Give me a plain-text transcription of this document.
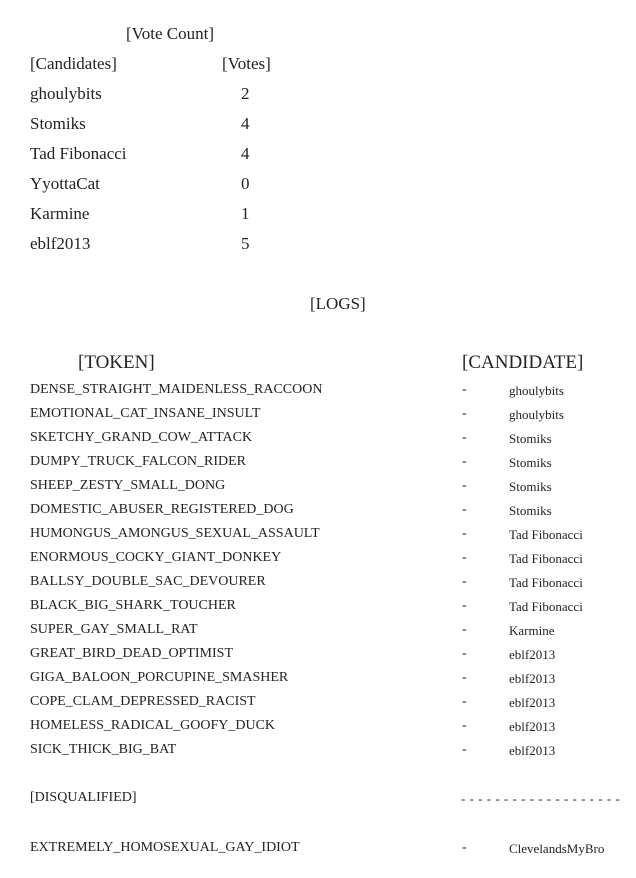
[Vote Count]
[Candidates]	[Votes]
ghoulybits	2
Stomiks	4
Tad Fibonacci	4
YyottaCat	0
Karmine	1
eblf2013	5
[LOGS]
[TOKEN]	[CANDIDATE]
DENSE_STRAIGHT_MAIDENLESS_RACCOON	-	ghoulybits
EMOTIONAL_CAT_INSANE_INSULT	-	ghoulybits
SKETCHY_GRAND_COW_ATTACK	-	Stomiks
DUMPY_TRUCK_FALCON_RIDER	-	Stomiks
SHEEP_ZESTY_SMALL_DONG	-	Stomiks
DOMESTIC_ABUSER_REGISTERED_DOG	-	Stomiks
HUMONGUS_AMONGUS_SEXUAL_ASSAULT	-	Tad Fibonacci
ENORMOUS_COCKY_GIANT_DONKEY	-	Tad Fibonacci
BALLSY_DOUBLE_SAC_DEVOURER	-	Tad Fibonacci
BLACK_BIG_SHARK_TOUCHER	-	Tad Fibonacci
SUPER_GAY_SMALL_RAT	-	Karmine
GREAT_BIRD_DEAD_OPTIMIST	-	eblf2013
GIGA_BALOON_PORCUPINE_SMASHER	-	eblf2013
COPE_CLAM_DEPRESSED_RACIST	-	eblf2013
HOMELESS_RADICAL_GOOFY_DUCK	-	eblf2013
SICK_THICK_BIG_BAT	-	eblf2013
[DISQUALIFIED]	- - - - - - - - - - - - - - - - - - -
EXTREMELY_HOMOSEXUAL_GAY_IDIOT	-	ClevelandsMyBro
